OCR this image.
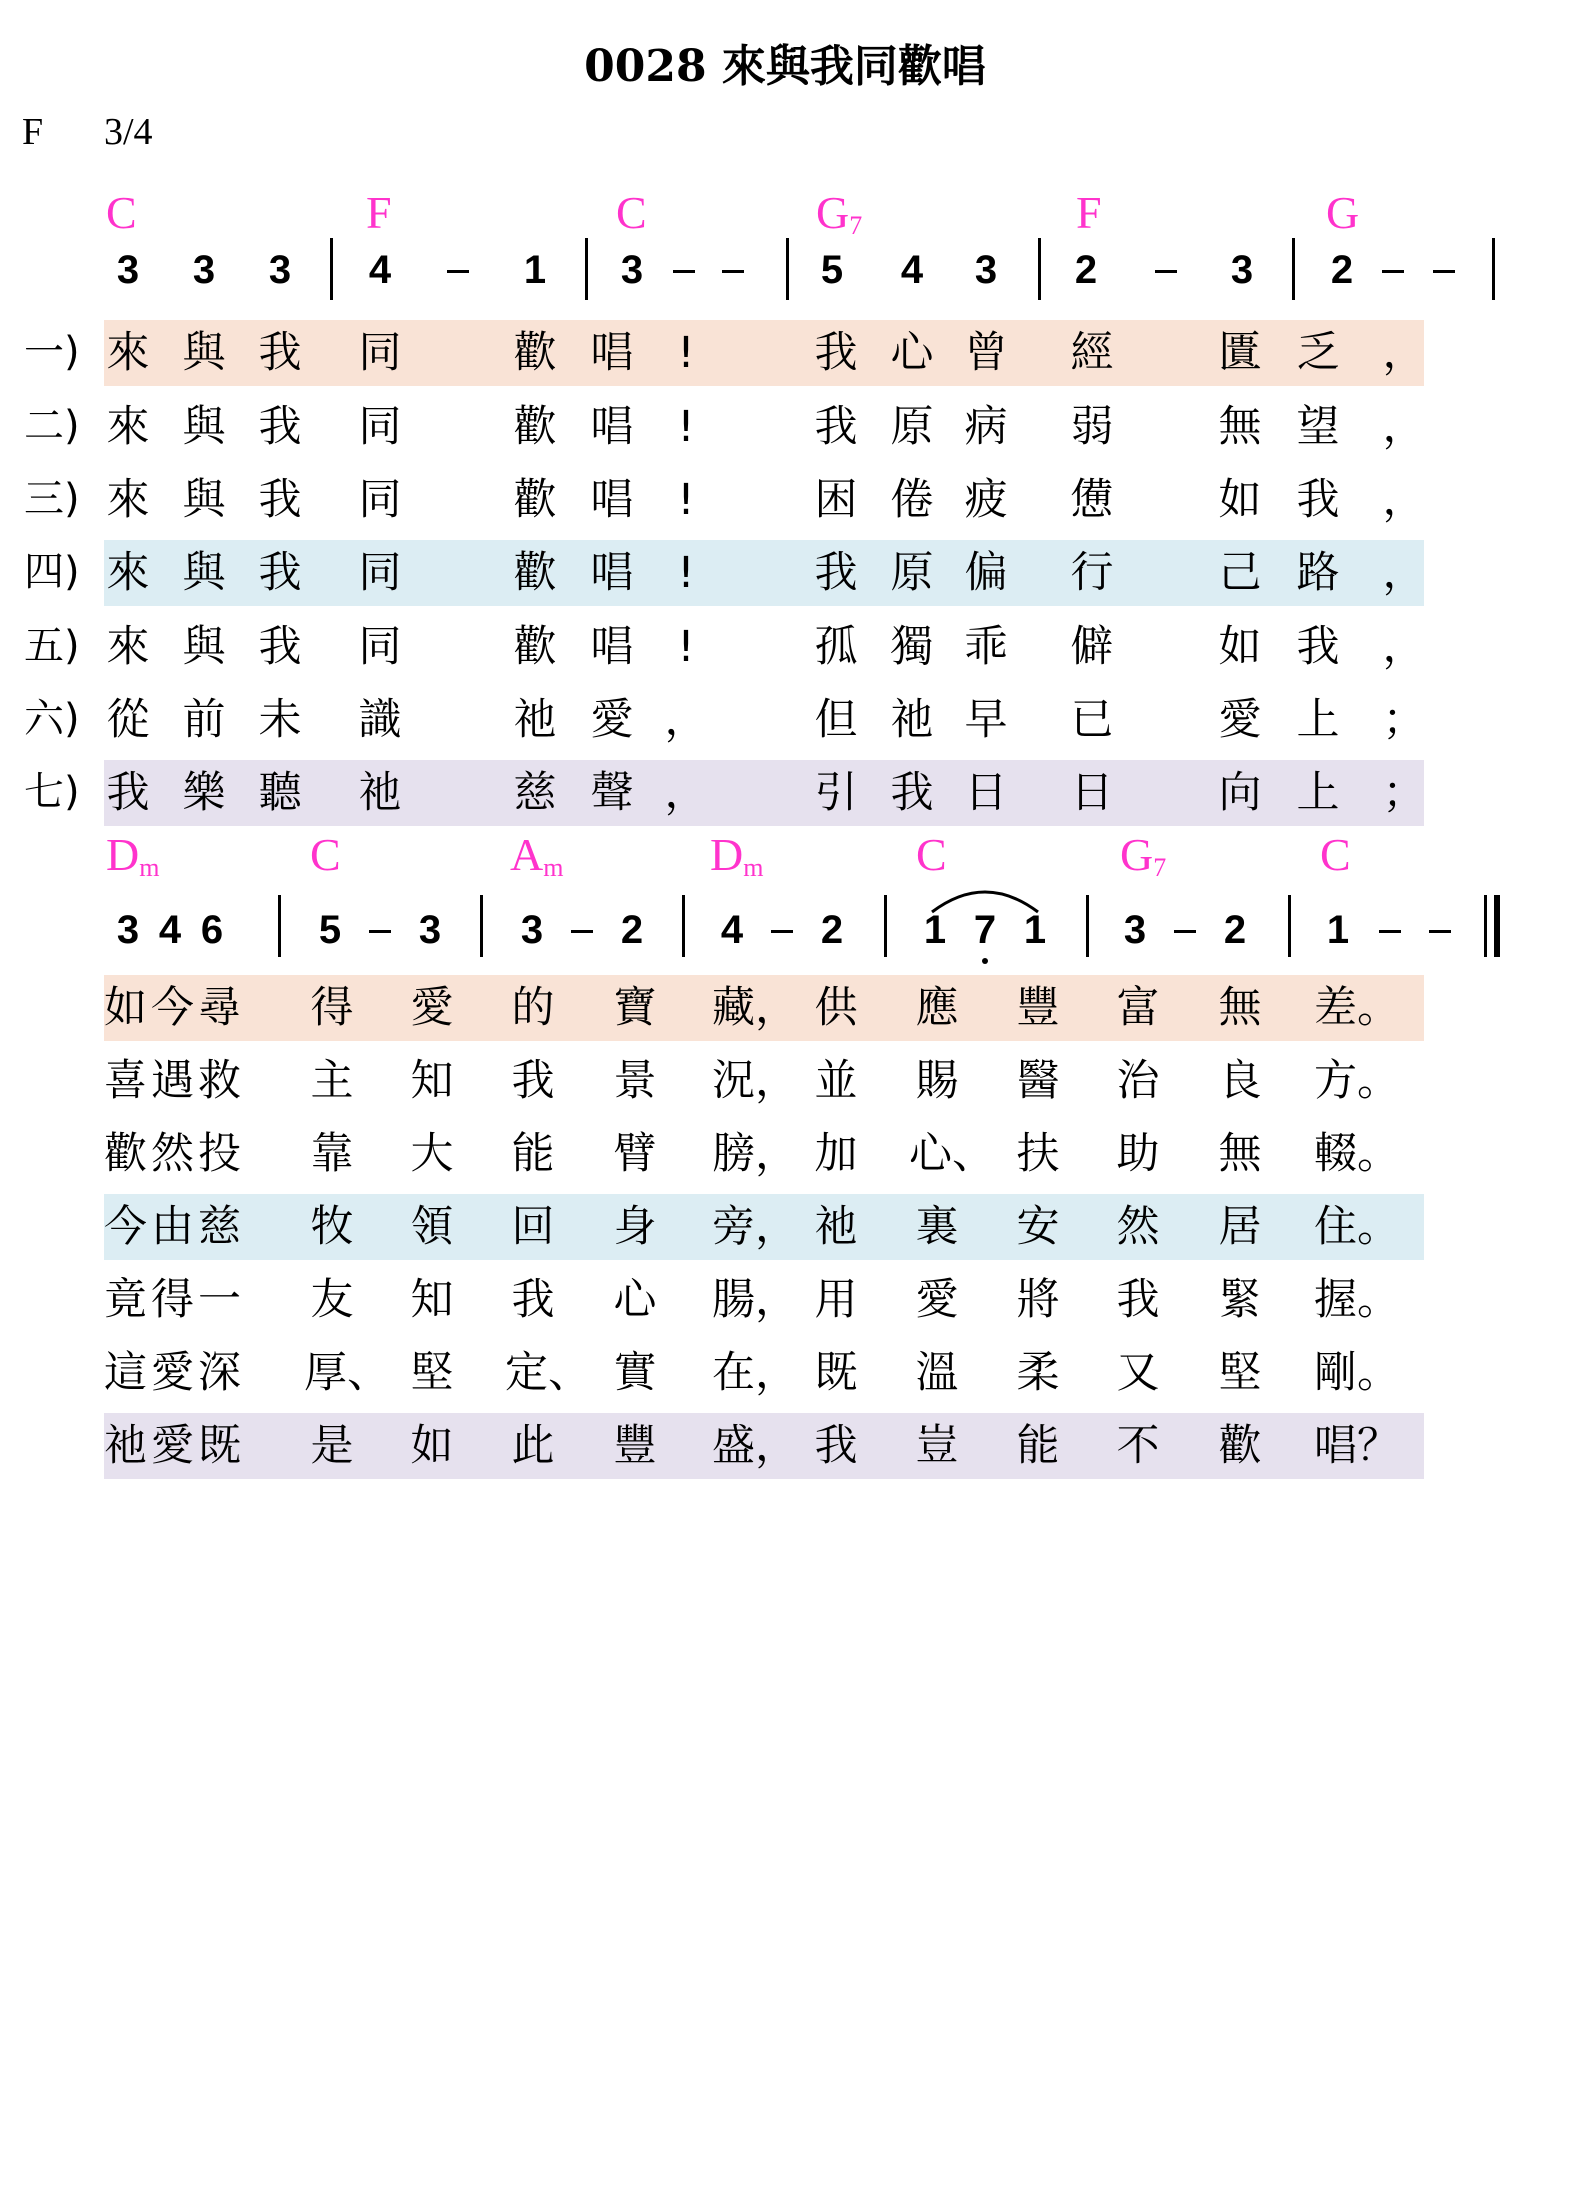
0028 來與我同歡唱
F 3/4
C	F	C	$G_7$	F	G
3 3 3 4	1 3	5 4 3 2	3 2
一) 來 與 我 同	歡 唱	!	我 心 曾 經 匱 乏 ，
二) 來 與 我 同	歡 唱	!	我 原 病 弱 無 望 ，
三) 來 與 我 同	歡 唱	!	困 倦 疲 憊 如 我 ，
四) 來 與 我 同	歡 唱	!	我 原 偏 行 己 路 ，
五) 來 與 我 同	歡 唱	!	孤 獨 乖 僻 如 我 ，
六) 從 前 未 識	祂 愛 ， 但 祂 早 已 愛 上 ；
七) 我 樂 聽 祂	慈 聲 ， 引 我 日 日 向 上 ；
$D_m$	C	$A_m$	$D_m$	C	$G_7$	C
3 4 6 5 3 3 2 4 2 1 7 1 3 2 1
如今尋	得 愛 的 寶 藏， 供 應 豐 富 無 差。
喜遇救	主 知 我 景 況， 並 賜 醫 治 良 方。
歡然投	靠 大 能 臂 膀， 加 心、 扶 助 無 輟。
今由慈	牧 領 回 身 旁， 祂 裏 安 然 居 住。
竟得一	友 知 我 心 腸， 用 愛 將 我 緊 握。
這愛深	厚、 堅 定、 實 在， 既 溫 柔 又 堅 剛。
祂愛既	是 如 此 豐 盛， 我 豈 能 不 歡 唱？
